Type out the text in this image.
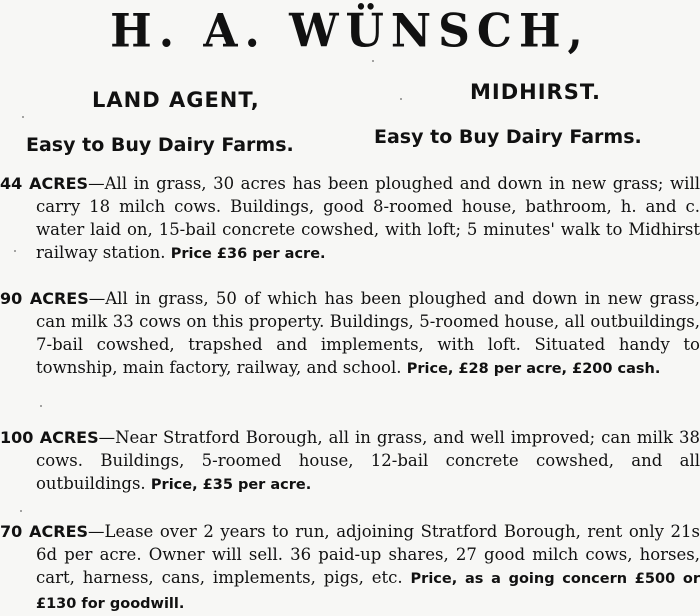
H. A. WÜNSCH,
LAND AGENT,	MIDHIRST.
Easy to Buy Dairy Farms.	Easy to Buy Dairy Farms.

44 ACRES—All in grass, 30 acres has been ploughed and down in new grass; will carry 18 milch cows. Buildings, good 8-roomed house, bathroom, h. and c. water laid on, 15-bail concrete cowshed, with loft; 5 minutes' walk to Midhirst railway station. Price £36 per acre.

90 ACRES—All in grass, 50 of which has been ploughed and down in new grass, can milk 33 cows on this property. Buildings, 5-roomed house, all outbuildings, 7-bail cowshed, trapshed and implements, with loft. Situated handy to township, main factory, railway, and school. Price, £28 per acre, £200 cash.

100 ACRES—Near Stratford Borough, all in grass, and well improved; can milk 38 cows. Buildings, 5-roomed house, 12-bail concrete cowshed, and all outbuildings. Price, £35 per acre.

70 ACRES—Lease over 2 years to run, adjoining Stratford Borough, rent only 21s 6d per acre. Owner will sell. 36 paid-up shares, 27 good milch cows, horses, cart, harness, cans, implements, pigs, etc. Price, as a going concern £500 or £130 for goodwill.
